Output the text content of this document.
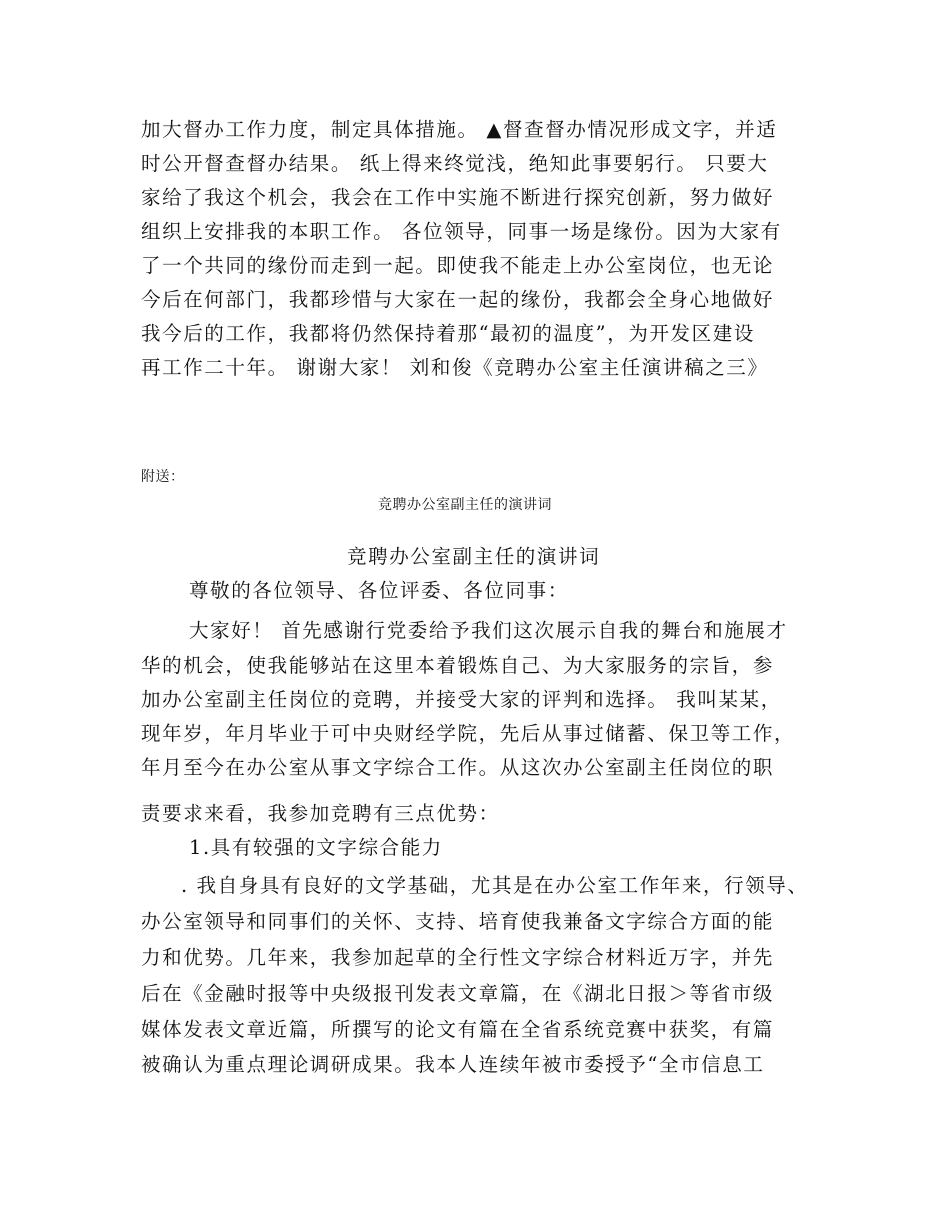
加大督办工作力度，制定具体措施。 ▲督查督办情况形成文字，并适
时公开督查督办结果。 纸上得来终觉浅，绝知此事要躬行。 只要大
家给了我这个机会，我会在工作中实施不断进行探究创新，努力做好
组织上安排我的本职工作。 各位领导，同事一场是缘份。因为大家有
了一个共同的缘份而走到一起。即使我不能走上办公室岗位，也无论
今后在何部门，我都珍惜与大家在一起的缘份，我都会全身心地做好
我今后的工作，我都将仍然保持着那“最初的温度”，为开发区建设
再工作二十年。 谢谢大家！ 刘和俊《竞聘办公室主任演讲稿之三》
附送：
竞聘办公室副主任的演讲词
竞聘办公室副主任的演讲词
尊敬的各位领导、各位评委、各位同事：
大家好！ 首先感谢行党委给予我们这次展示自我的舞台和施展才
华的机会，使我能够站在这里本着锻炼自己、为大家服务的宗旨，参
加办公室副主任岗位的竞聘，并接受大家的评判和选择。 我叫某某，
现年岁，年月毕业于可中央财经学院，先后从事过储蓄、保卫等工作，
年月至今在办公室从事文字综合工作。从这次办公室副主任岗位的职
责要求来看，我参加竞聘有三点优势：
1.具有较强的文字综合能力
. 我自身具有良好的文学基础，尤其是在办公室工作年来，行领导、
办公室领导和同事们的关怀、支持、培育使我兼备文字综合方面的能
力和优势。几年来，我参加起草的全行性文字综合材料近万字，并先
后在《金融时报等中央级报刊发表文章篇，在《湖北日报＞等省市级
媒体发表文章近篇，所撰写的论文有篇在全省系统竞赛中获奖，有篇
被确认为重点理论调研成果。我本人连续年被市委授予“全市信息工
